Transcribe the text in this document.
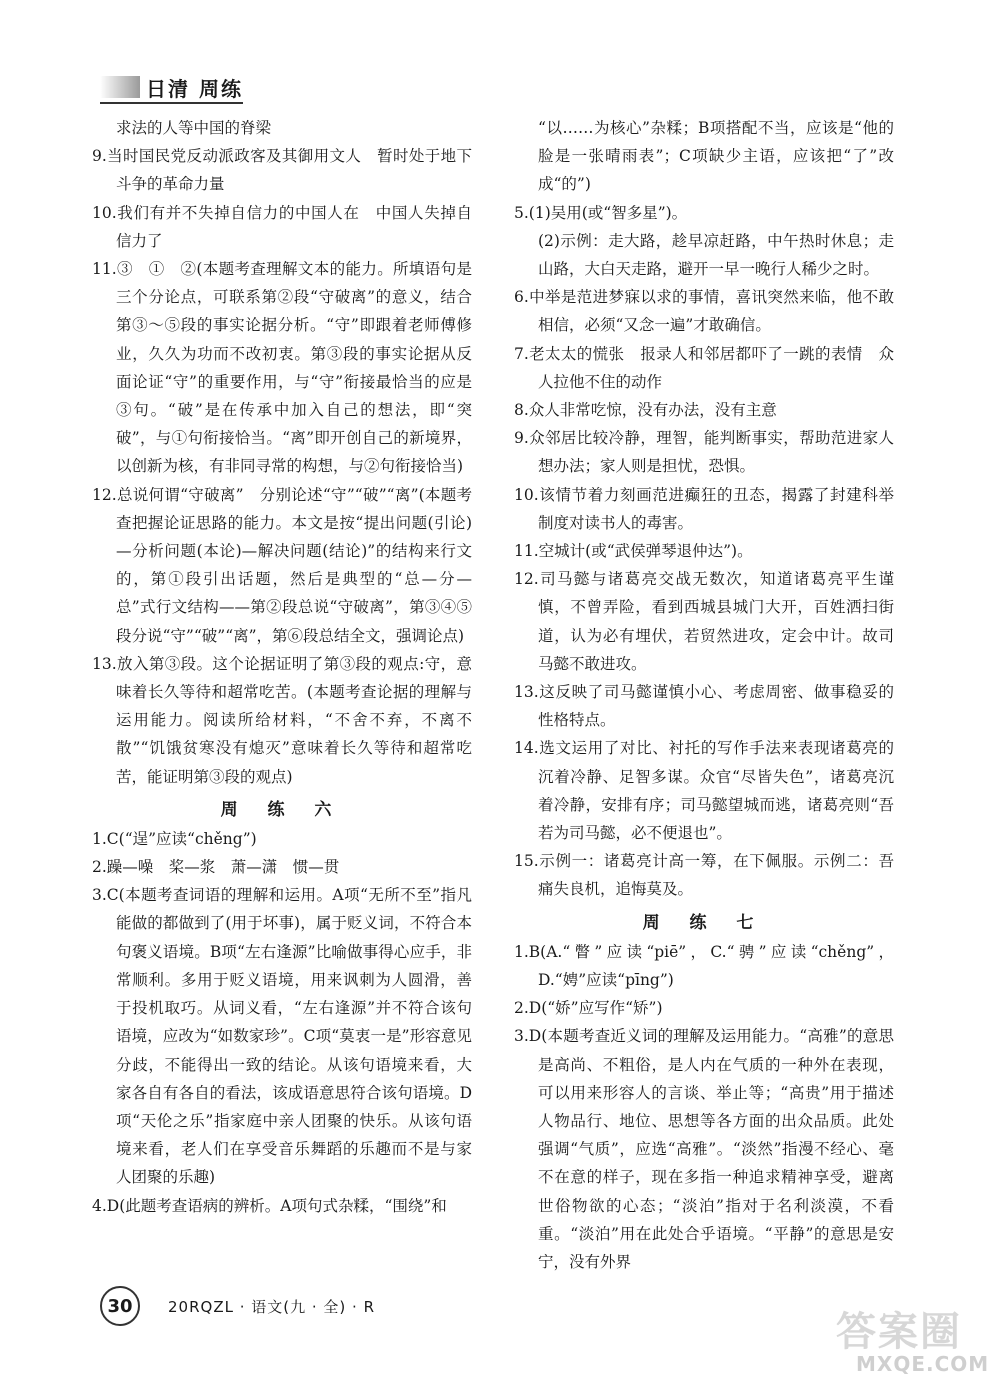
日清 周练

求法的人等中国的脊梁

9.当时国民党反动派政客及其御用文人　暂时处于地下斗争的革命力量

10.我们有并不失掉自信力的中国人在　中国人失掉自信力了

11.③　①　②(本题考查理解文本的能力。所填语句是三个分论点，可联系第②段“守破离”的意义，结合第③～⑤段的事实论据分析。“守”即跟着老师傅修业，久久为功而不改初衷。第③段的事实论据从反面论证“守”的重要作用，与“守”衔接最恰当的应是③句。“破”是在传承中加入自己的想法，即“突破”，与①句衔接恰当。“离”即开创自己的新境界，以创新为核，有非同寻常的构想，与②句衔接恰当)

12.总说何谓“守破离”　分别论述“守”“破”“离”(本题考查把握论证思路的能力。本文是按“提出问题(引论)—分析问题(本论)—解决问题(结论)”的结构来行文的，第①段引出话题，然后是典型的“总—分—总”式行文结构——第②段总说“守破离”，第③④⑤段分说“守”“破”“离”，第⑥段总结全文，强调论点)

13.放入第③段。这个论据证明了第③段的观点:守，意味着长久等待和超常吃苦。(本题考查论据的理解与运用能力。阅读所给材料，“不舍不弃，不离不散”“饥饿贫寒没有熄灭”意味着长久等待和超常吃苦，能证明第③段的观点)

周 练 六

1.C(“逞”应读“chěng”)

2.躁—噪　桨—浆　萧—潇　惯—贯

3.C(本题考查词语的理解和运用。A项“无所不至”指凡能做的都做到了(用于坏事)，属于贬义词，不符合本句褒义语境。B项“左右逢源”比喻做事得心应手，非常顺利。多用于贬义语境，用来讽刺为人圆滑，善于投机取巧。从词义看，“左右逢源”并不符合该句语境，应改为“如数家珍”。C项“莫衷一是”形容意见分歧，不能得出一致的结论。从该句语境来看，大家各自有各自的看法，该成语意思符合该句语境。D项“天伦之乐”指家庭中亲人团聚的快乐。从该句语境来看，老人们在享受音乐舞蹈的乐趣而不是与家人团聚的乐趣)

4.D(此题考查语病的辨析。A项句式杂糅，“围绕”和

“以……为核心”杂糅；B项搭配不当，应该是“他的脸是一张晴雨表”；C项缺少主语，应该把“了”改成“的”)

5.(1)吴用(或“智多星”)。

(2)示例：走大路，趁早凉赶路，中午热时休息；走山路，大白天走路，避开一早一晚行人稀少之时。

6.中举是范进梦寐以求的事情，喜讯突然来临，他不敢相信，必须“又念一遍”才敢确信。

7.老太太的慌张　报录人和邻居都吓了一跳的表情　众人拉他不住的动作

8.众人非常吃惊，没有办法，没有主意

9.众邻居比较冷静，理智，能判断事实，帮助范进家人想办法；家人则是担忧，恐惧。

10.该情节着力刻画范进癫狂的丑态，揭露了封建科举制度对读书人的毒害。

11.空城计(或“武侯弹琴退仲达”)。

12.司马懿与诸葛亮交战无数次，知道诸葛亮平生谨慎，不曾弄险，看到西城县城门大开，百姓洒扫街道，认为必有埋伏，若贸然进攻，定会中计。故司马懿不敢进攻。

13.这反映了司马懿谨慎小心、考虑周密、做事稳妥的性格特点。

14.选文运用了对比、衬托的写作手法来表现诸葛亮的沉着冷静、足智多谋。众官“尽皆失色”，诸葛亮沉着冷静，安排有序；司马懿望城而逃，诸葛亮则“吾若为司马懿，必不便退也”。

15.示例一：诸葛亮计高一筹，在下佩服。示例二：吾痛失良机，追悔莫及。

周 练 七

1.B(A.“瞥”应读“piē”，C.“骋”应读“chěng”，D.“娉”应读“pīng”)

2.D(“娇”应写作“矫”)

3.D(本题考查近义词的理解及运用能力。“高雅”的意思是高尚、不粗俗，是人内在气质的一种外在表现，可以用来形容人的言谈、举止等；“高贵”用于描述人物品行、地位、思想等各方面的出众品质。此处强调“气质”，应选“高雅”。“淡然”指漫不经心、毫不在意的样子，现在多指一种追求精神享受，避离世俗物欲的心态；“淡泊”指对于名利淡漠，不看重。“淡泊”用在此处合乎语境。“平静”的意思是安宁，没有外界

30	20RQZL · 语文(九 · 全) · R
答案圈
MXQE.COM
